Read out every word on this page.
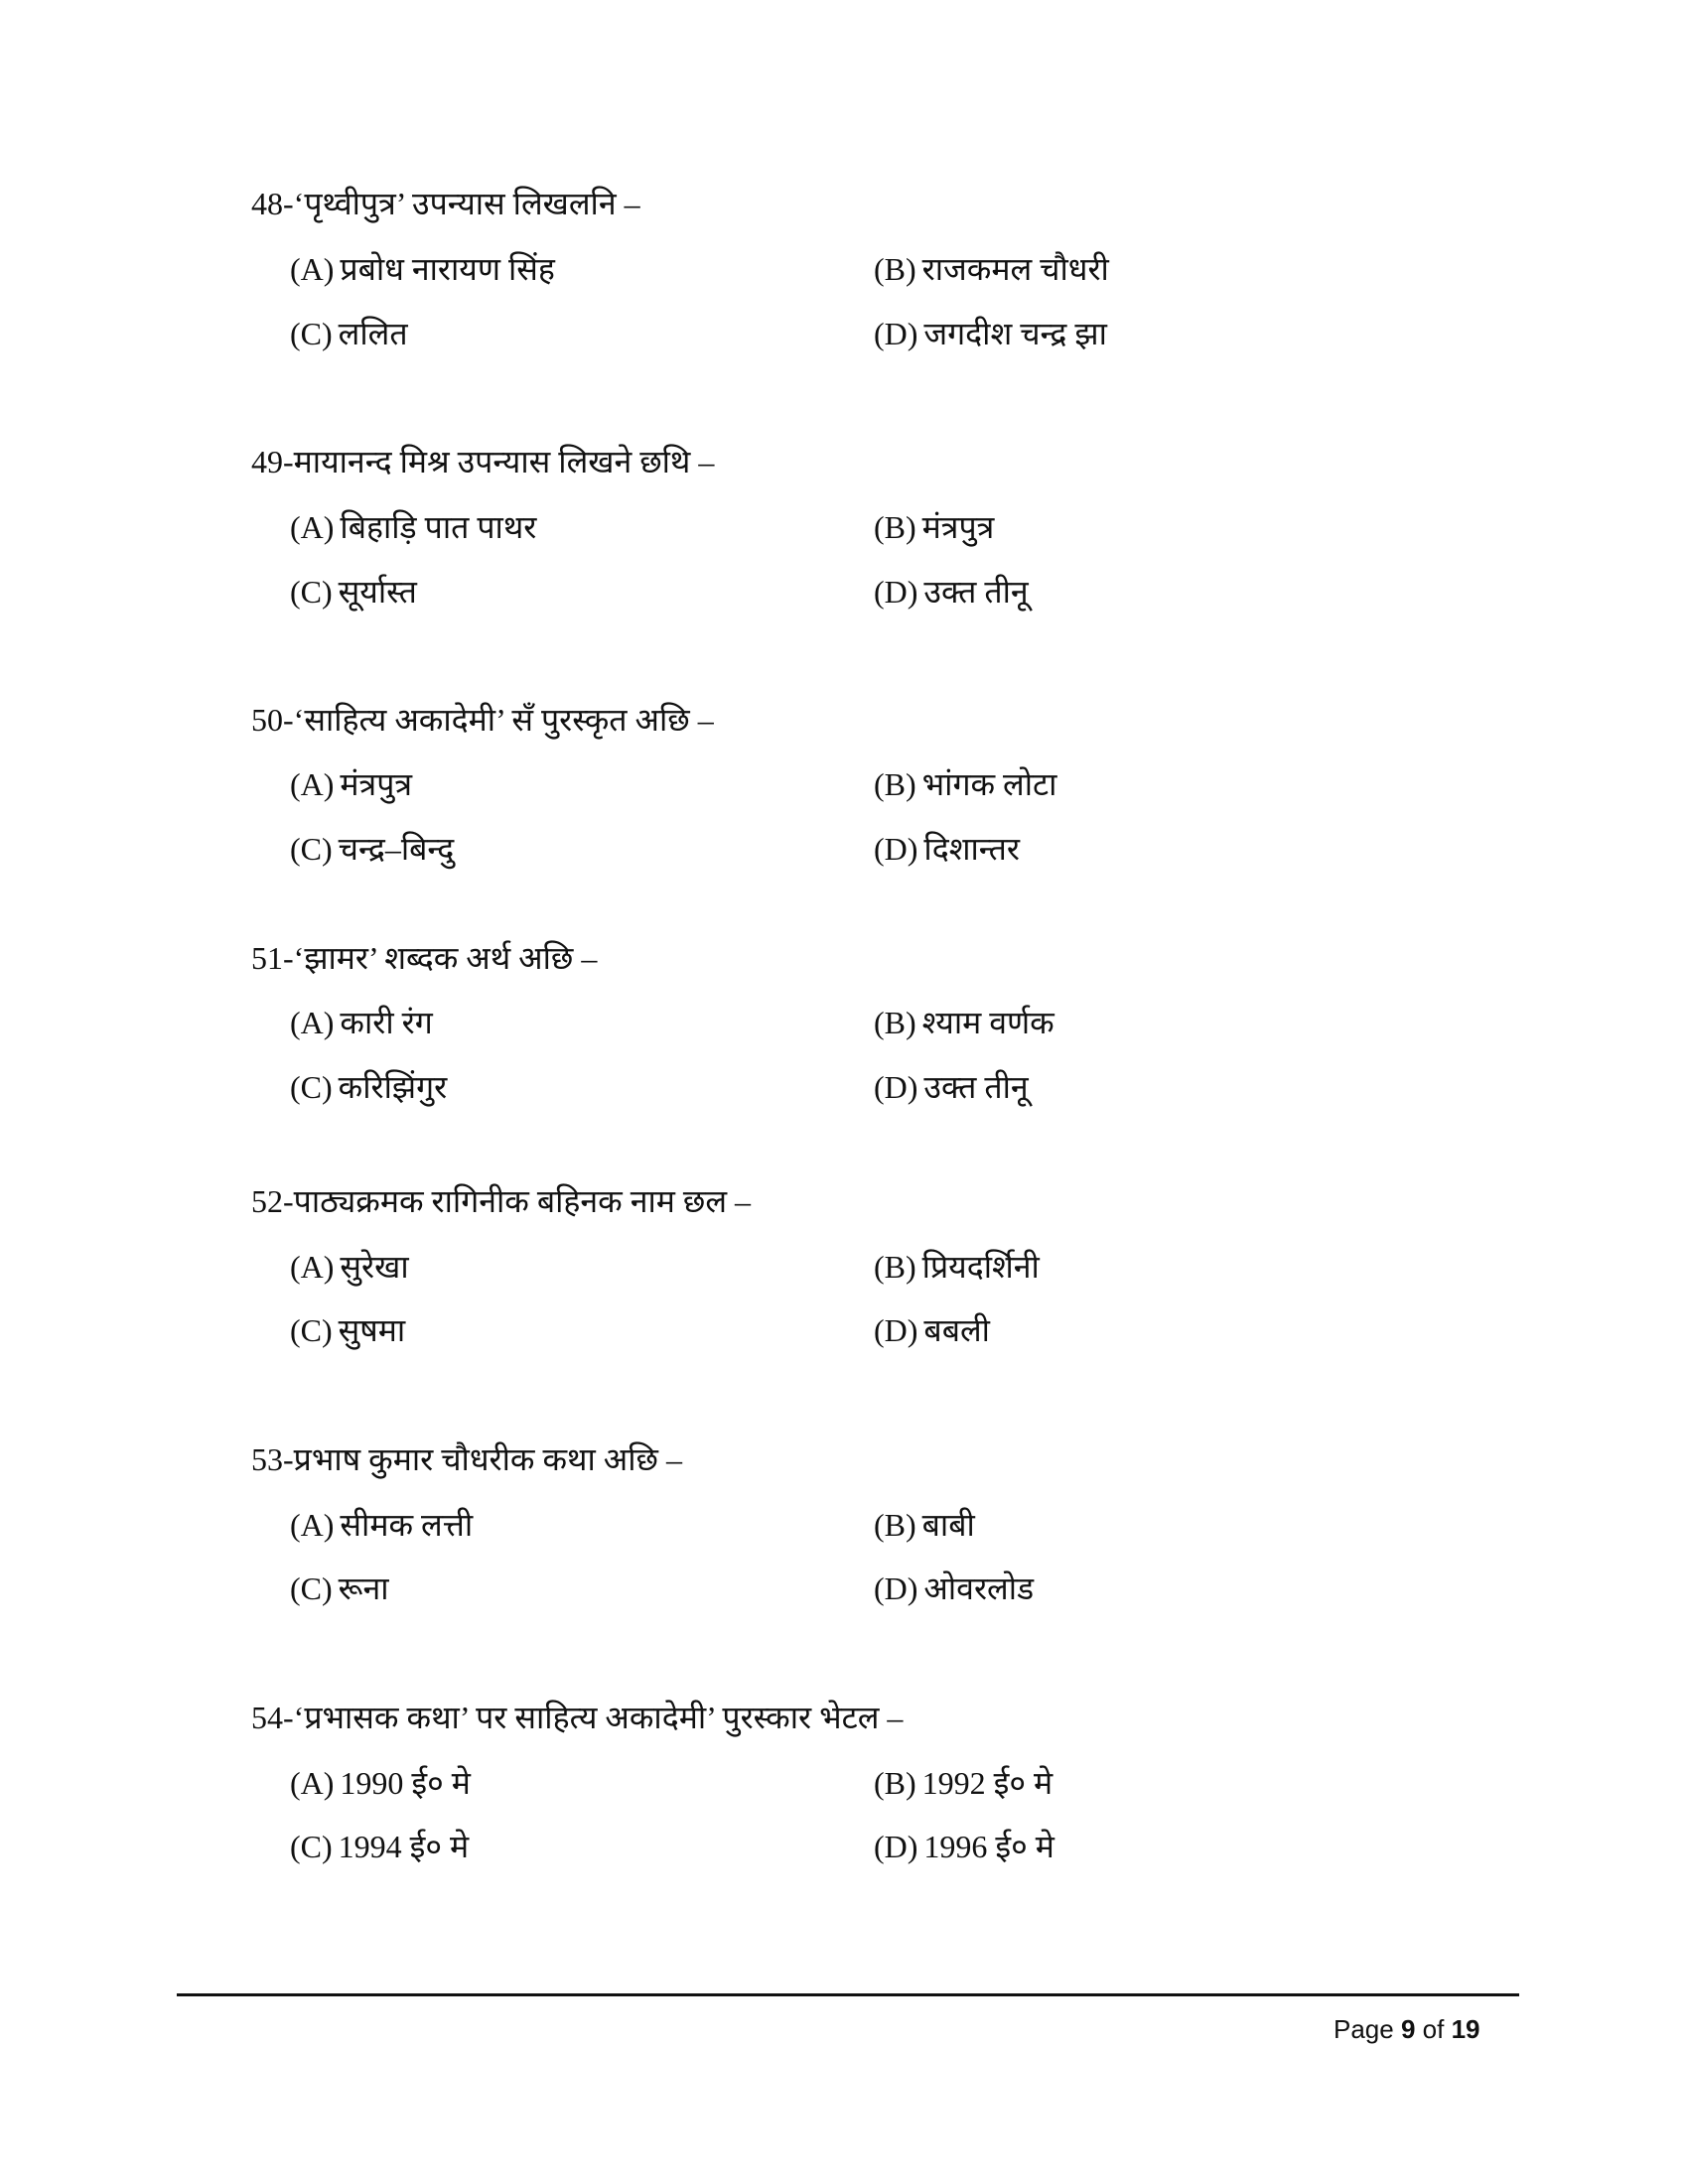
48-‘पृथ्वीपुत्र’ उपन्यास लिखलनि –
(A) प्रबोध नारायण सिंह	(B) राजकमल चौधरी
(C) ललित	(D) जगदीश चन्द्र झा
49-मायानन्द मिश्र उपन्यास लिखने छथि –
(A) बिहाड़ि पात पाथर	(B) मंत्रपुत्र
(C) सूर्यास्त	(D) उक्त तीनू
50-‘साहित्य अकादेमी’ सँ पुरस्कृत अछि –
(A) मंत्रपुत्र	(B) भांगक लोटा
(C) चन्द्र–बिन्दु	(D) दिशान्तर
51-‘झामर’ शब्दक अर्थ अछि –
(A) कारी रंग	(B) श्याम वर्णक
(C) करिझिंगुर	(D) उक्त तीनू
52-पाठ्यक्रमक रागिनीक बहिनक नाम छल –
(A) सुरेखा	(B) प्रियदर्शिनी
(C) सुषमा	(D) बबली
53-प्रभाष कुमार चौधरीक कथा अछि –
(A) सीमक लत्ती	(B) बाबी
(C) रूना	(D) ओवरलोड
54-‘प्रभासक कथा’ पर साहित्य अकादेमी’ पुरस्कार भेटल –
(A) 1990 ई० मे	(B) 1992 ई० मे
(C) 1994 ई० मे	(D) 1996 ई० मे
Page 9 of 19
